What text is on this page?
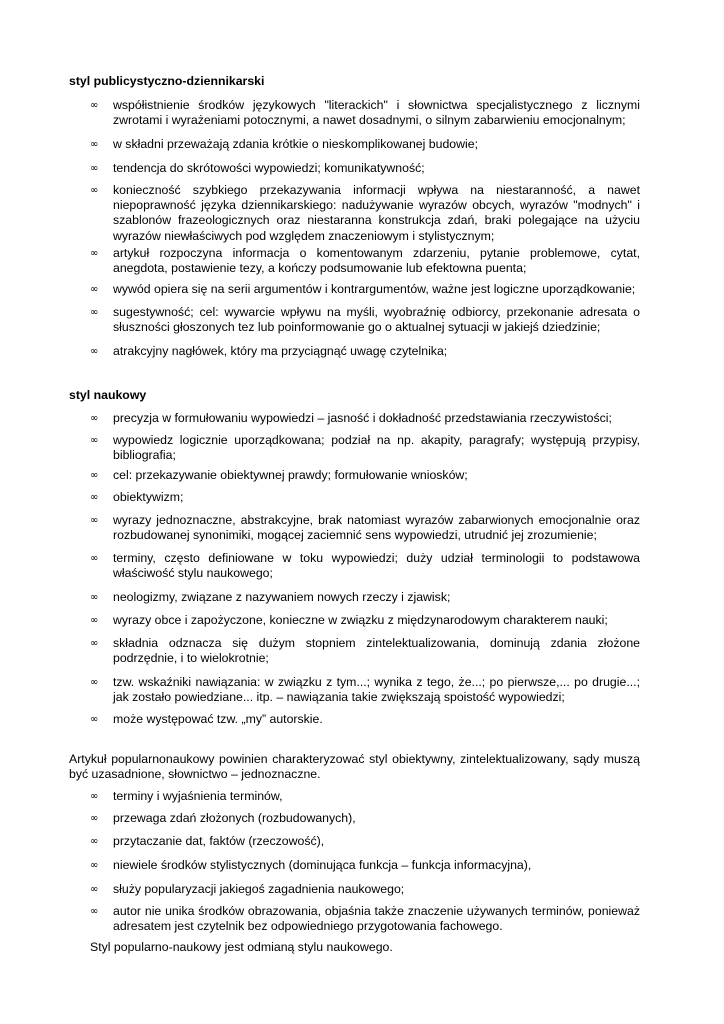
styl publicystyczno-dziennikarski
∞	współistnienie środków językowych "literackich" i słownictwa specjalistycznego z licznymi zwrotami i wyrażeniami potocznymi, a nawet dosadnymi, o silnym zabarwieniu emocjonalnym;
∞	w składni przeważają zdania krótkie o nieskomplikowanej budowie;
∞	tendencja do skrótowości wypowiedzi; komunikatywność;
∞	konieczność szybkiego przekazywania informacji wpływa na niestaranność, a nawet niepoprawność języka dziennikarskiego: nadużywanie wyrazów obcych, wyrazów "modnych" i szablonów frazeologicznych oraz niestaranna konstrukcja zdań, braki polegające na użyciu wyrazów niewłaściwych pod względem znaczeniowym i stylistycznym;
∞	artykuł rozpoczyna informacja o komentowanym zdarzeniu, pytanie problemowe, cytat, anegdota, postawienie tezy, a kończy podsumowanie lub efektowna puenta;
∞	wywód opiera się na serii argumentów i kontrargumentów, ważne jest logiczne uporządkowanie;
∞	sugestywność; cel: wywarcie wpływu na myśli, wyobraźnię odbiorcy, przekonanie adresata o słuszności głoszonych tez lub poinformowanie go o aktualnej sytuacji w jakiejś dziedzinie;
∞	atrakcyjny nagłówek, który ma przyciągnąć uwagę czytelnika;
styl naukowy
∞	precyzja w formułowaniu wypowiedzi – jasność i dokładność przedstawiania rzeczywistości;
∞	wypowiedz logicznie uporządkowana; podział na np. akapity, paragrafy; występują przypisy, bibliografia;
∞	cel: przekazywanie obiektywnej prawdy; formułowanie wniosków;
∞	obiektywizm;
∞	wyrazy jednoznaczne, abstrakcyjne, brak natomiast wyrazów zabarwionych emocjonalnie oraz rozbudowanej synonimiki, mogącej zaciemnić sens wypowiedzi, utrudnić jej zrozumienie;
∞	terminy, często definiowane w toku wypowiedzi; duży udział terminologii to podstawowa właściwość stylu naukowego;
∞	neologizmy, związane z nazywaniem nowych rzeczy i zjawisk;
∞	wyrazy obce i zapożyczone, konieczne w związku z międzynarodowym charakterem nauki;
∞	składnia odznacza się dużym stopniem zintelektualizowania, dominują zdania złożone podrzędnie, i to wielokrotnie;
∞	tzw. wskaźniki nawiązania: w związku z tym...; wynika z tego, że...; po pierwsze,... po drugie...; jak zostało powiedziane... itp. – nawiązania takie zwiększają spoistość wypowiedzi;
∞	może występować tzw. „my” autorskie.
Artykuł popularnonaukowy powinien charakteryzować styl obiektywny, zintelektualizowany, sądy muszą być uzasadnione, słownictwo – jednoznaczne.
∞	terminy i wyjaśnienia terminów,
∞	przewaga zdań złożonych (rozbudowanych),
∞	przytaczanie dat, faktów (rzeczowość),
∞	niewiele środków stylistycznych (dominująca funkcja – funkcja informacyjna),
∞	służy popularyzacji jakiegoś zagadnienia naukowego;
∞	autor nie unika środków obrazowania, objaśnia także znaczenie używanych terminów, ponieważ adresatem jest czytelnik bez odpowiedniego przygotowania fachowego.
Styl popularno-naukowy jest odmianą stylu naukowego.
